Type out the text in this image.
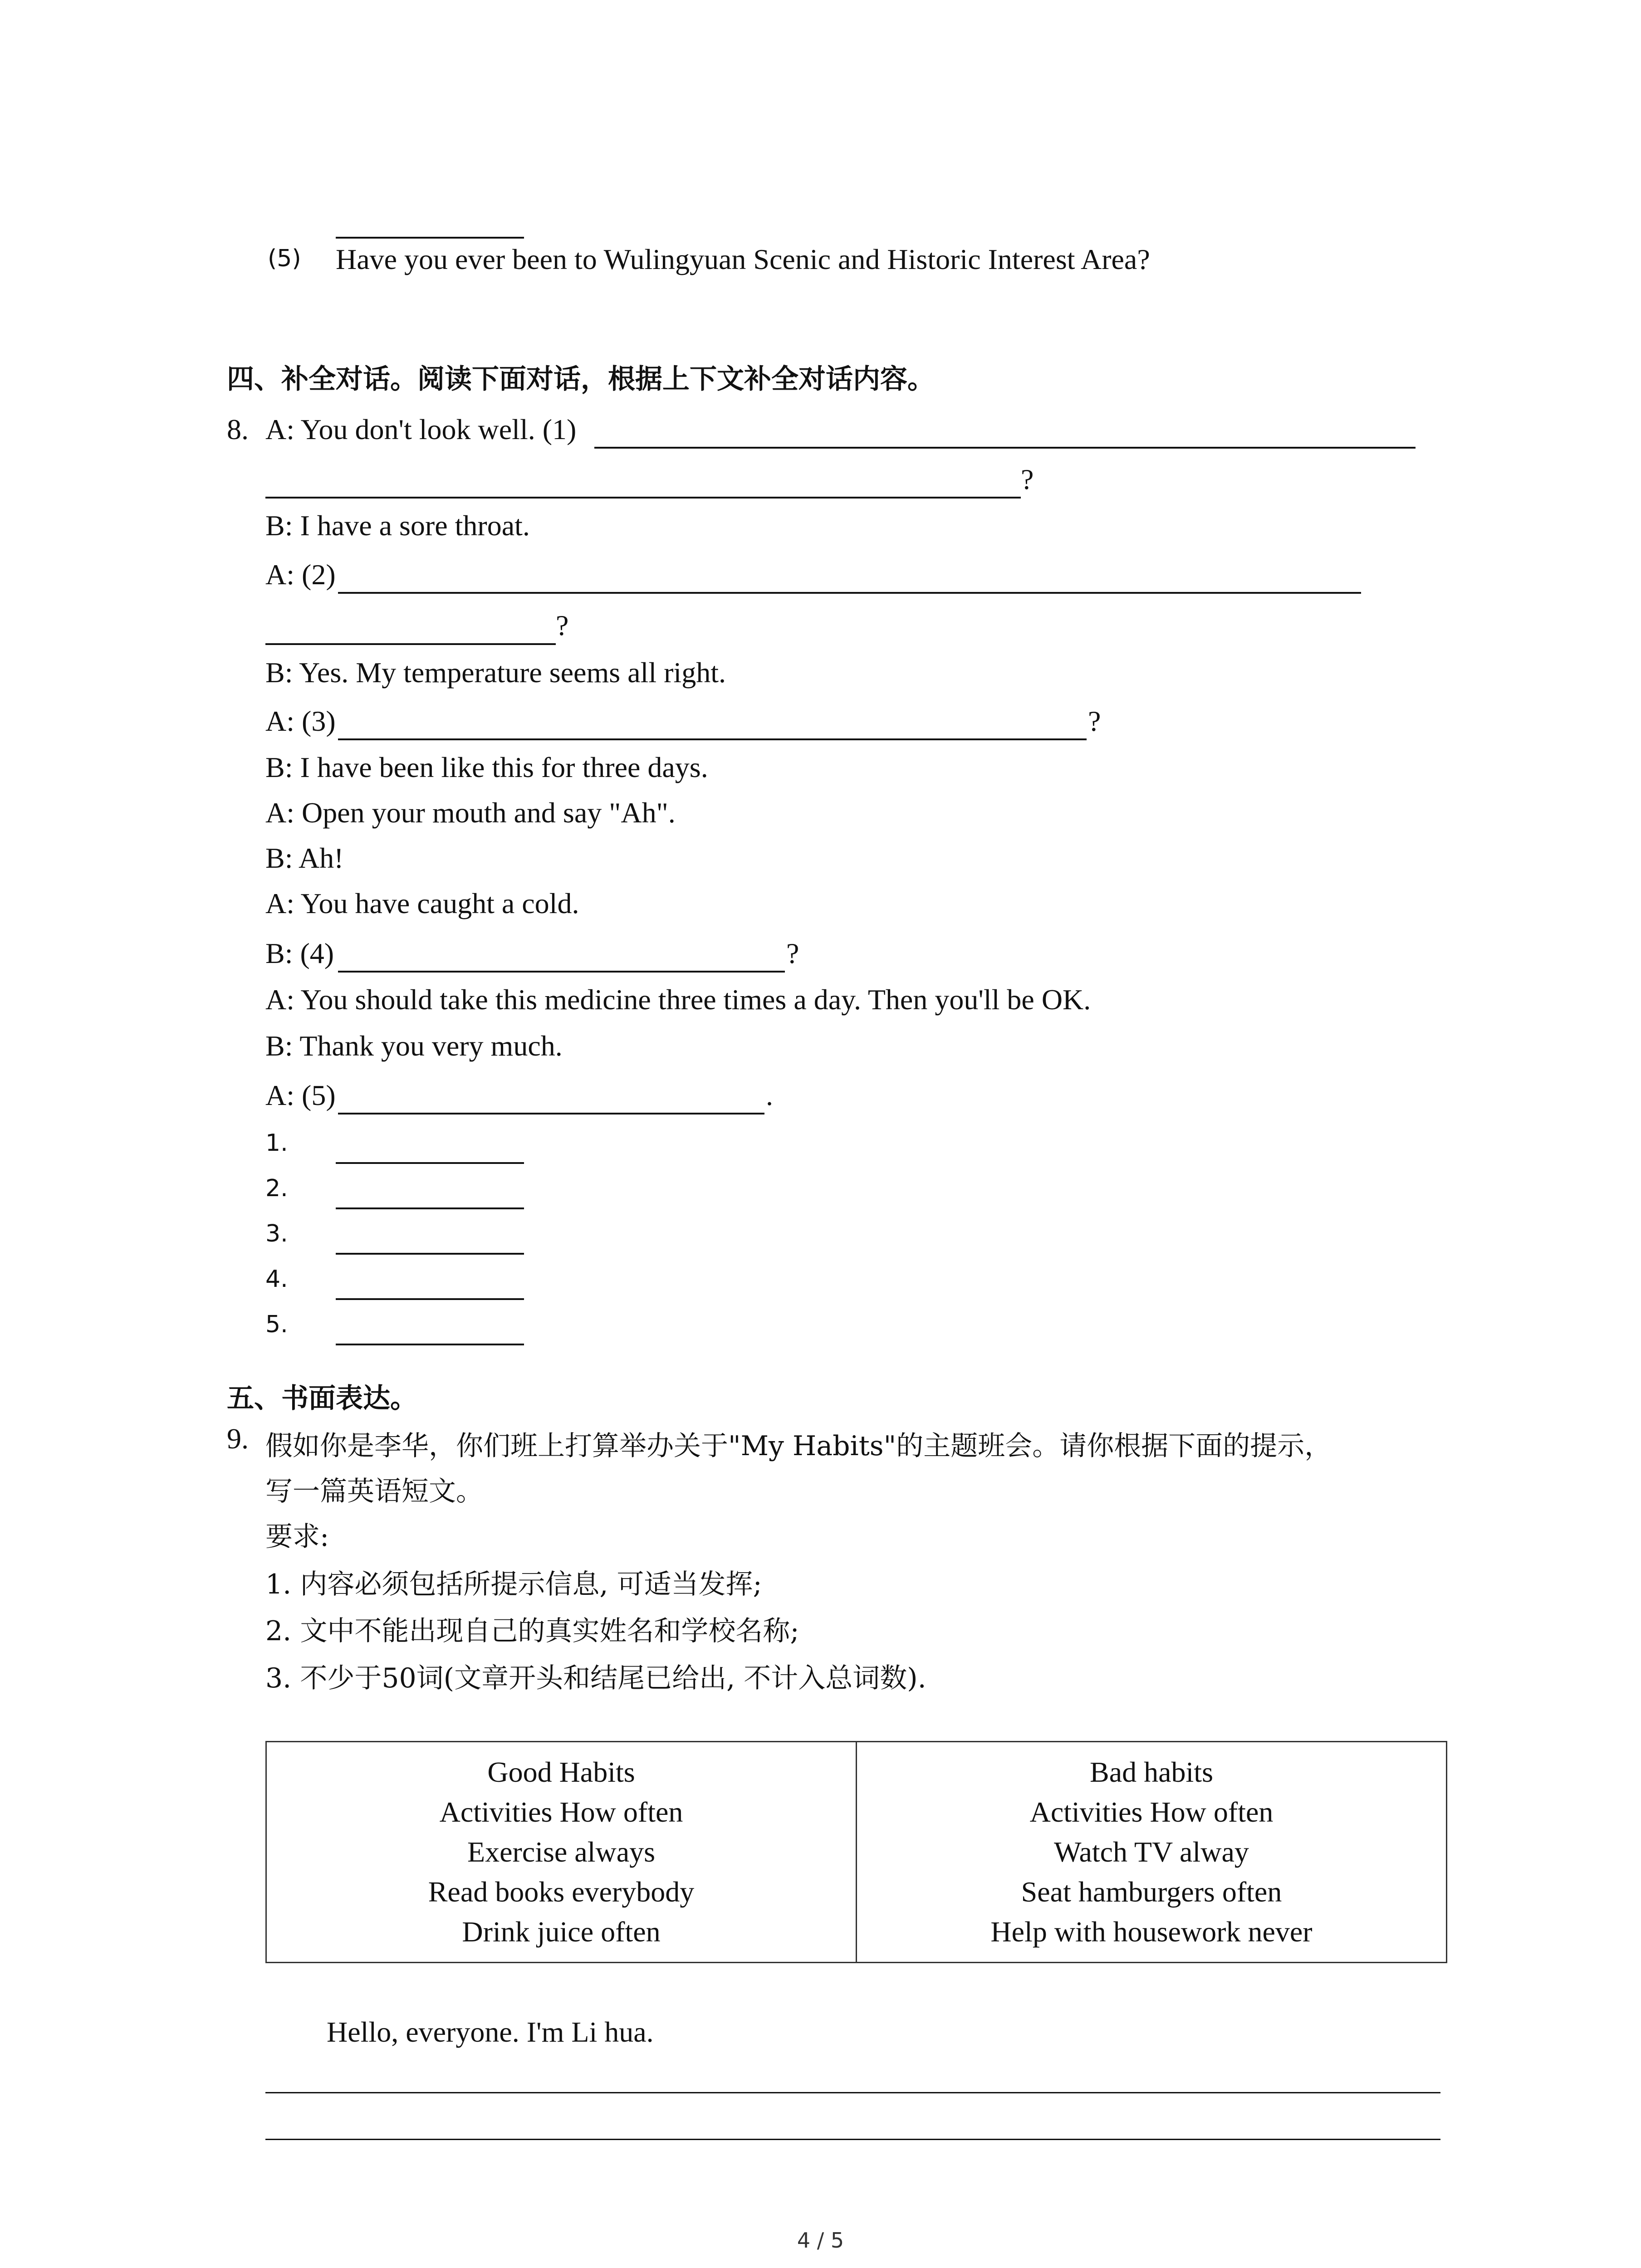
(5) Have you ever been to Wulingyuan Scenic and Historic Interest Area?
四、补全对话。阅读下面对话，根据上下文补全对话内容。
8. A: You don't look well. (1)
?
B: I have a sore throat.
A: (2)
?
B: Yes. My temperature seems all right.
A: (3)	?
B: I have been like this for three days.
A: Open your mouth and say "Ah".
B: Ah!
A: You have caught a cold.
B: (4)	?
A: You should take this medicine three times a day. Then you'll be OK.
B: Thank you very much.
A: (5)	.
1.
2.
3.
4.
5.
五、书面表达。
9. 假如你是李华，你们班上打算举办关于"My Habits"的主题班会。请你根据下面的提示，
写一篇英语短文。
要求:
1. 内容必须包括所提示信息, 可适当发挥;
2. 文中不能出现自己的真实姓名和学校名称;
3. 不少于50词(文章开头和结尾已给出, 不计入总词数).
Good Habits
Activities How often
Exercise always
Read books everybody
Drink juice often

Bad habits
Activities How often
Watch TV alway
Seat hamburgers often
Help with housework never
Hello, everyone. I'm Li hua.
4 / 5
